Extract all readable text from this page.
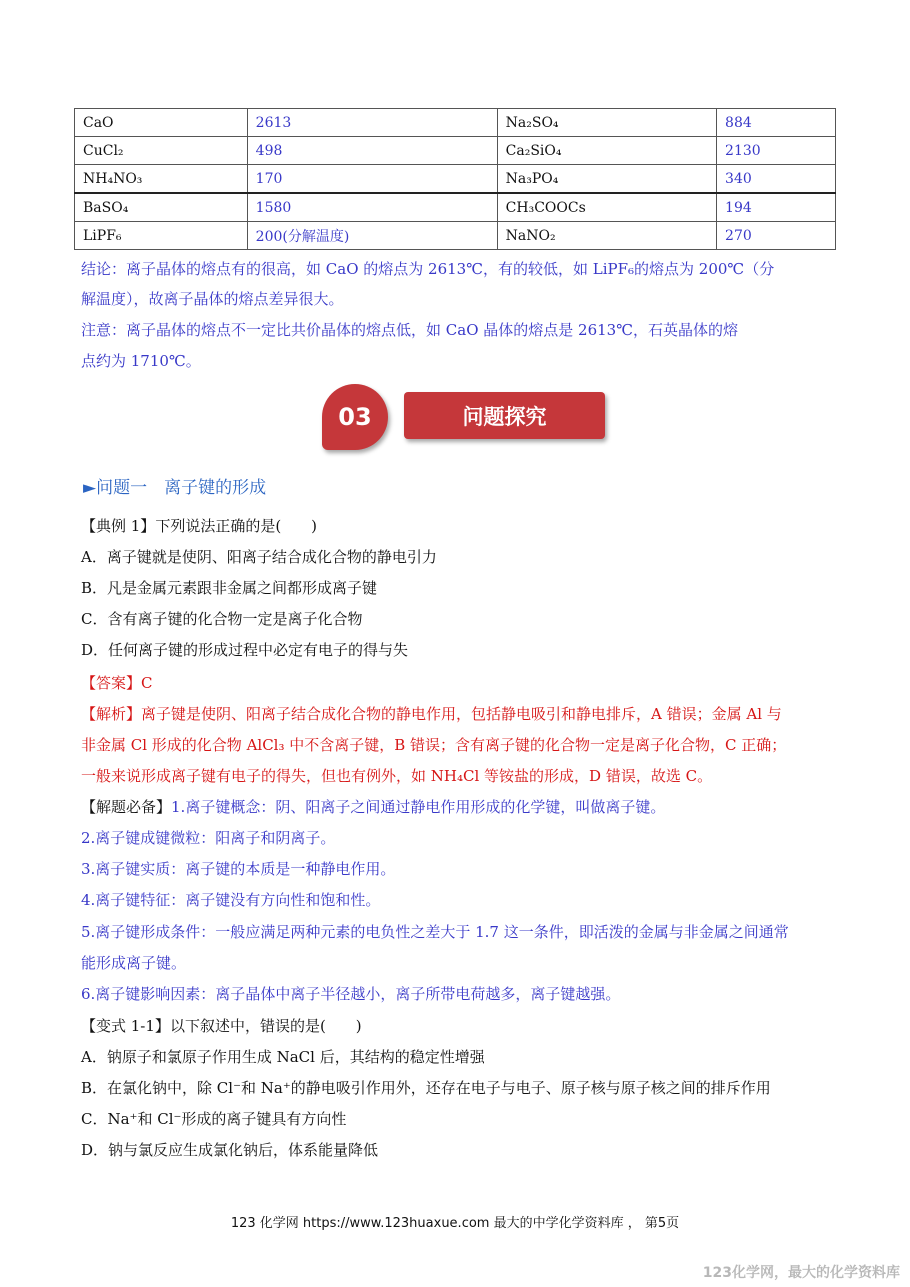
CaO	2613	Na₂SO₄	884
CuCl₂	498	Ca₂SiO₄	2130
NH₄NO₃	170	Na₃PO₄	340
BaSO₄	1580	CH₃COOCs	194
LiPF₆	200(分解温度)	NaNO₂	270
结论：离子晶体的熔点有的很高，如 CaO 的熔点为 2613℃，有的较低，如 LiPF₆的熔点为 200℃（分
解温度），故离子晶体的熔点差异很大。
注意：离子晶体的熔点不一定比共价晶体的熔点低，如 CaO 晶体的熔点是 2613℃，石英晶体的熔
点约为 1710℃。
03	问题探究
►问题一　离子键的形成
【典例 1】下列说法正确的是(　　)
A．离子键就是使阴、阳离子结合成化合物的静电引力
B．凡是金属元素跟非金属之间都形成离子键
C．含有离子键的化合物一定是离子化合物
D．任何离子键的形成过程中必定有电子的得与失
【答案】C
【解析】离子键是使阴、阳离子结合成化合物的静电作用，包括静电吸引和静电排斥，A 错误；金属 Al 与
非金属 Cl 形成的化合物 AlCl₃ 中不含离子键，B 错误；含有离子键的化合物一定是离子化合物，C 正确；
一般来说形成离子键有电子的得失，但也有例外，如 NH₄Cl 等铵盐的形成，D 错误，故选 C。
【解题必备】1.离子键概念：阴、阳离子之间通过静电作用形成的化学键，叫做离子键。
2.离子键成键微粒：阳离子和阴离子。
3.离子键实质：离子键的本质是一种静电作用。
4.离子键特征：离子键没有方向性和饱和性。
5.离子键形成条件：一般应满足两种元素的电负性之差大于 1.7 这一条件，即活泼的金属与非金属之间通常
能形成离子键。
6.离子键影响因素：离子晶体中离子半径越小，离子所带电荷越多，离子键越强。
【变式 1-1】以下叙述中，错误的是(　　)
A．钠原子和氯原子作用生成 NaCl 后，其结构的稳定性增强
B．在氯化钠中，除 Cl⁻和 Na⁺的静电吸引作用外，还存在电子与电子、原子核与原子核之间的排斥作用
C．Na⁺和 Cl⁻形成的离子键具有方向性
D．钠与氯反应生成氯化钠后，体系能量降低
123 化学网 https://www.123huaxue.com 最大的中学化学资料库 ， 第5页
123化学网，最大的化学资料库
